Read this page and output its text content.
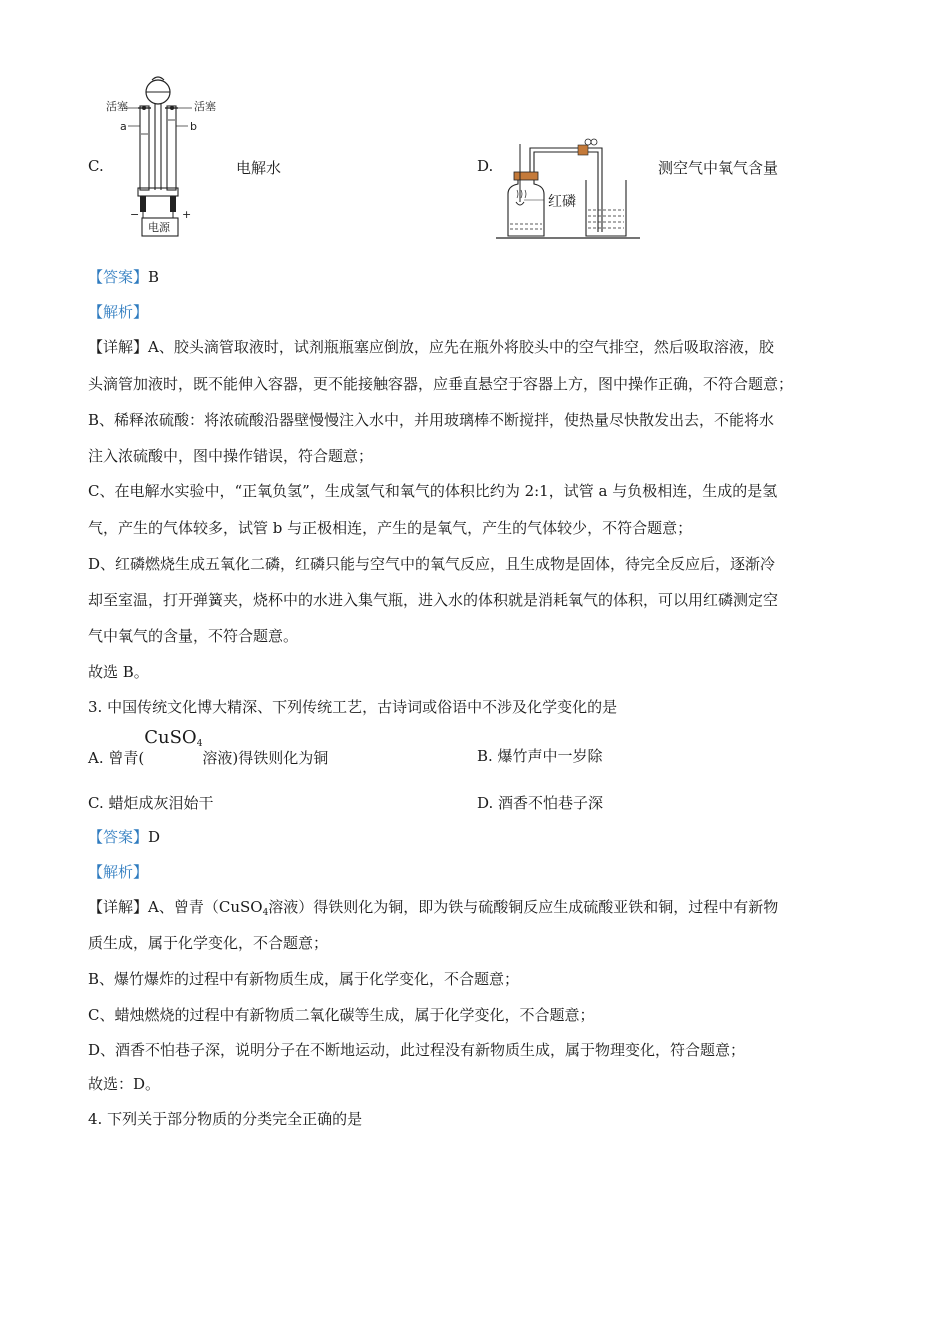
C.
活塞	活塞
a	b
−	+
电源
电解水	D.
红磷
测空气中氧气含量
【答案】B
【解析】
【详解】A、胶头滴管取液时，试剂瓶瓶塞应倒放，应先在瓶外将胶头中的空气排空，然后吸取溶液，胶
头滴管加液时，既不能伸入容器，更不能接触容器，应垂直悬空于容器上方，图中操作正确，不符合题意；
B、稀释浓硫酸：将浓硫酸沿器壁慢慢注入水中，并用玻璃棒不断搅拌，使热量尽快散发出去，不能将水
注入浓硫酸中，图中操作错误，符合题意；
C、在电解水实验中，“正氧负氢”，生成氢气和氧气的体积比约为 2:1，试管 a 与负极相连，生成的是氢
气，产生的气体较多，试管 b 与正极相连，产生的是氧气，产生的气体较少，不符合题意；
D、红磷燃烧生成五氧化二磷，红磷只能与空气中的氧气反应，且生成物是固体，待完全反应后，逐渐冷
却至室温，打开弹簧夹，烧杯中的水进入集气瓶，进入水的体积就是消耗氧气的体积，可以用红磷测定空
气中氧气的含量，不符合题意。
故选 B。
3. 中国传统文化博大精深、下列传统工艺，古诗词或俗语中不涉及化学变化的是
A. 曾青(CuSO$_4$溶液)得铁则化为铜	B. 爆竹声中一岁除
C. 蜡炬成灰泪始干	D. 酒香不怕巷子深
【答案】D
【解析】
【详解】A、曾青（CuSO$_4$溶液）得铁则化为铜，即为铁与硫酸铜反应生成硫酸亚铁和铜，过程中有新物
质生成，属于化学变化，不合题意；
B、爆竹爆炸的过程中有新物质生成，属于化学变化，不合题意；
C、蜡烛燃烧的过程中有新物质二氧化碳等生成，属于化学变化，不合题意；
D、酒香不怕巷子深，说明分子在不断地运动，此过程没有新物质生成，属于物理变化，符合题意；
故选：D。
4. 下列关于部分物质的分类完全正确的是
